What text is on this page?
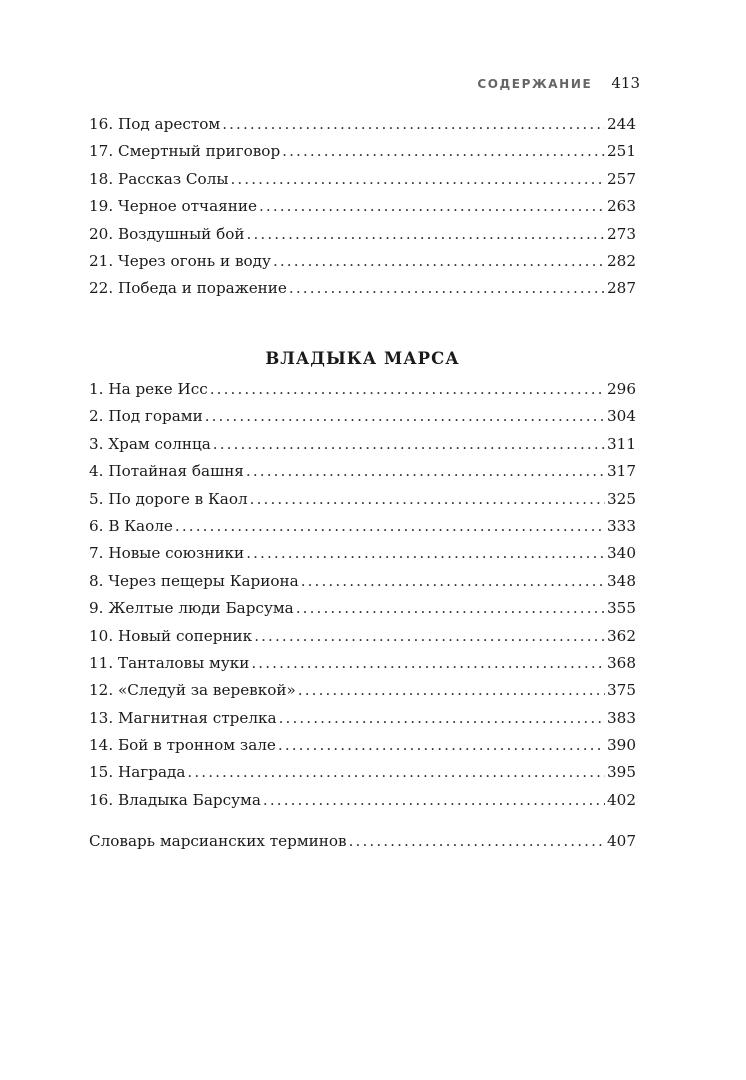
СОДЕРЖАНИЕ 413
16. Под арестом .....	244
17. Смертный приговор .....	251
18. Рассказ Солы .....	257
19. Черное отчаяние .....	263
20. Воздушный бой .....	273
21. Через огонь и воду .....	282
22. Победа и поражение .....	287
ВЛАДЫКА МАРСА
1. На реке Исс .....	296
2. Под горами .....	304
3. Храм солнца .....	311
4. Потайная башня .....	317
5. По дороге в Каол .....	325
6. В Каоле .....	333
7. Новые союзники .....	340
8. Через пещеры Кариона .....	348
9. Желтые люди Барсума .....	355
10. Новый соперник .....	362
11. Танталовы муки .....	368
12. «Следуй за веревкой» .....	375
13. Магнитная стрелка .....	383
14. Бой в тронном зале .....	390
15. Награда .....	395
16. Владыка Барсума .....	402
Словарь марсианских терминов .....	407
